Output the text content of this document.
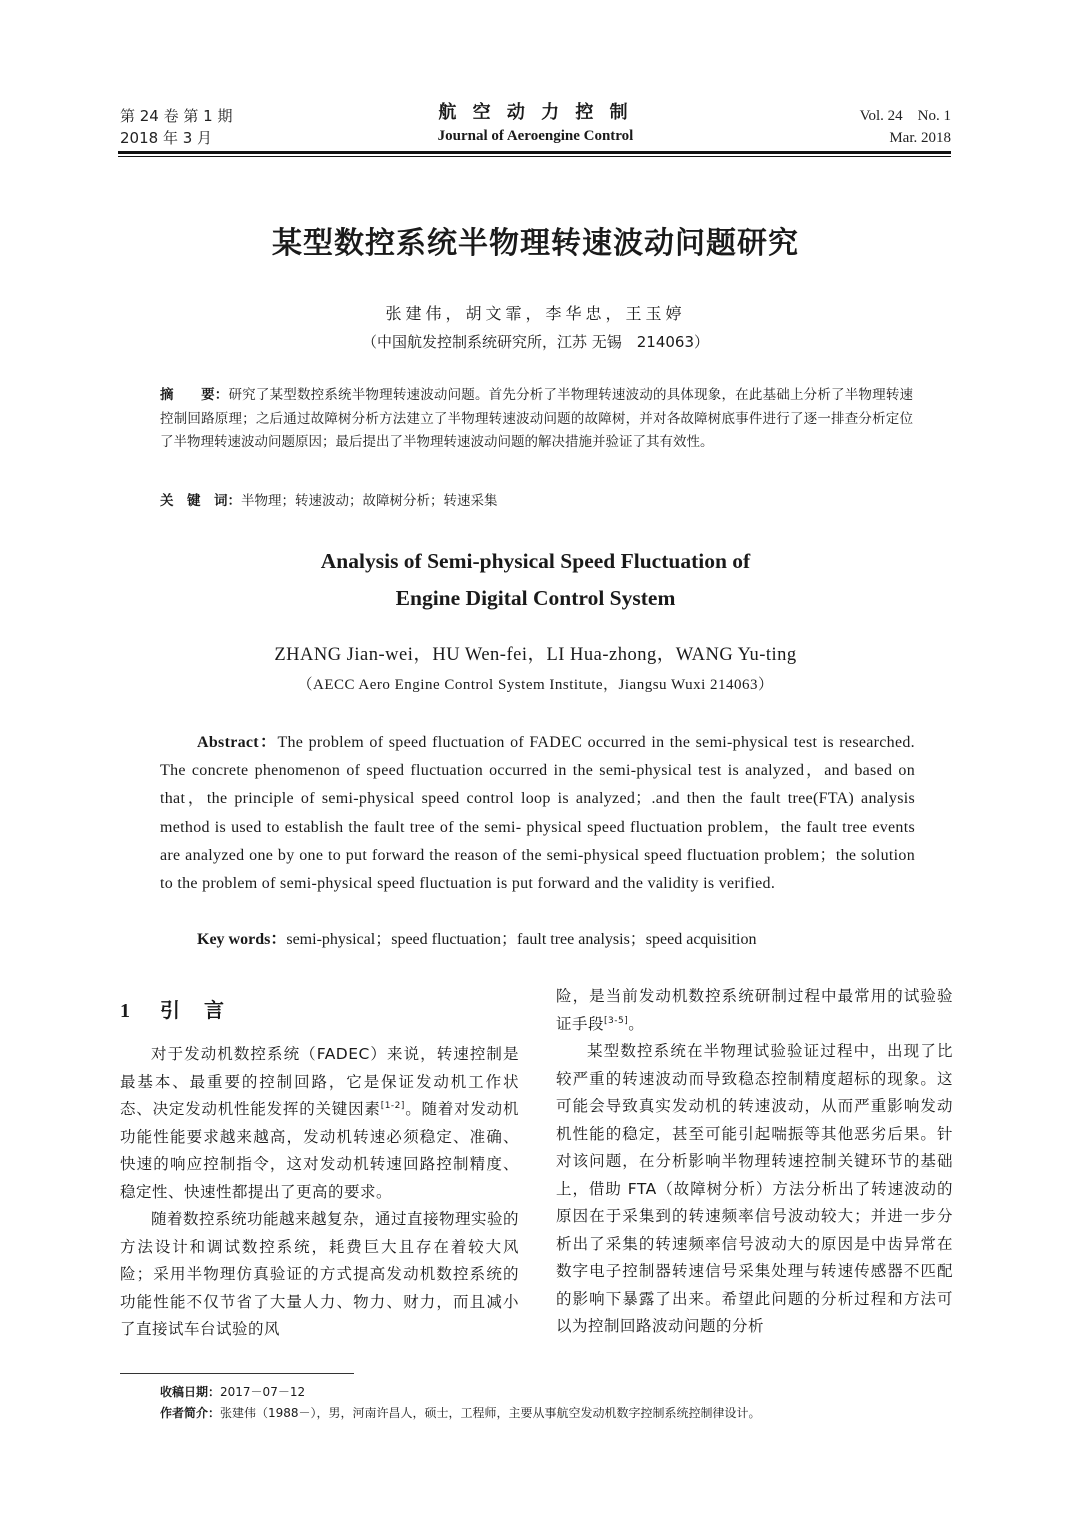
第 24 卷 第 1 期
2018 年 3 月
航 空 动 力 控 制
Journal of Aeroengine Control
Vol. 24    No. 1
Mar. 2018
某型数控系统半物理转速波动问题研究
张建伟，胡文霏，李华忠，王玉婷
（中国航发控制系统研究所，江苏 无锡　214063）
摘　　要：研究了某型数控系统半物理转速波动问题。首先分析了半物理转速波动的具体现象，在此基础上分析了半物理转速控制回路原理；之后通过故障树分析方法建立了半物理转速波动问题的故障树，并对各故障树底事件进行了逐一排查分析定位了半物理转速波动问题原因；最后提出了半物理转速波动问题的解决措施并验证了其有效性。
关　键　词：半物理；转速波动；故障树分析；转速采集
Analysis of Semi-physical Speed Fluctuation of
Engine Digital Control System
ZHANG Jian-wei，HU Wen-fei，LI Hua-zhong，WANG Yu-ting
（AECC Aero Engine Control System Institute，Jiangsu Wuxi 214063）
Abstract：The problem of speed fluctuation of FADEC occurred in the semi-physical test is researched. The concrete phenomenon of speed fluctuation occurred in the semi-physical test is analyzed，and based on that，the principle of semi-physical speed control loop is analyzed；.and then the fault tree(FTA) analysis method is used to establish the fault tree of the semi- physical speed fluctuation problem，the fault tree events are analyzed one by one to put forward the reason of the semi-physical speed fluctuation problem；the solution to the problem of semi-physical speed fluctuation is put forward and the validity is verified.
Key words：semi-physical；speed fluctuation；fault tree analysis；speed acquisition
1 引言

对于发动机数控系统（FADEC）来说，转速控制是最基本、最重要的控制回路，它是保证发动机工作状态、决定发动机性能发挥的关键因素[1-2]。随着对发动机功能性能要求越来越高，发动机转速必须稳定、准确、快速的响应控制指令，这对发动机转速回路控制精度、稳定性、快速性都提出了更高的要求。

随着数控系统功能越来越复杂，通过直接物理实验的方法设计和调试数控系统，耗费巨大且存在着较大风险；采用半物理仿真验证的方式提高发动机数控系统的功能性能不仅节省了大量人力、物力、财力，而且减小了直接试车台试验的风

险，是当前发动机数控系统研制过程中最常用的试验验证手段[3-5]。

某型数控系统在半物理试验验证过程中，出现了比较严重的转速波动而导致稳态控制精度超标的现象。这可能会导致真实发动机的转速波动，从而严重影响发动机性能的稳定，甚至可能引起喘振等其他恶劣后果。针对该问题，在分析影响半物理转速控制关键环节的基础上，借助 FTA（故障树分析）方法分析出了转速波动的原因在于采集到的转速频率信号波动较大；并进一步分析出了采集的转速频率信号波动大的原因是中齿异常在数字电子控制器转速信号采集处理与转速传感器不匹配的影响下暴露了出来。希望此问题的分析过程和方法可以为控制回路波动问题的分析

收稿日期：2017－07－12
作者简介：张建伟（1988－），男，河南许昌人，硕士，工程师，主要从事航空发动机数字控制系统控制律设计。
